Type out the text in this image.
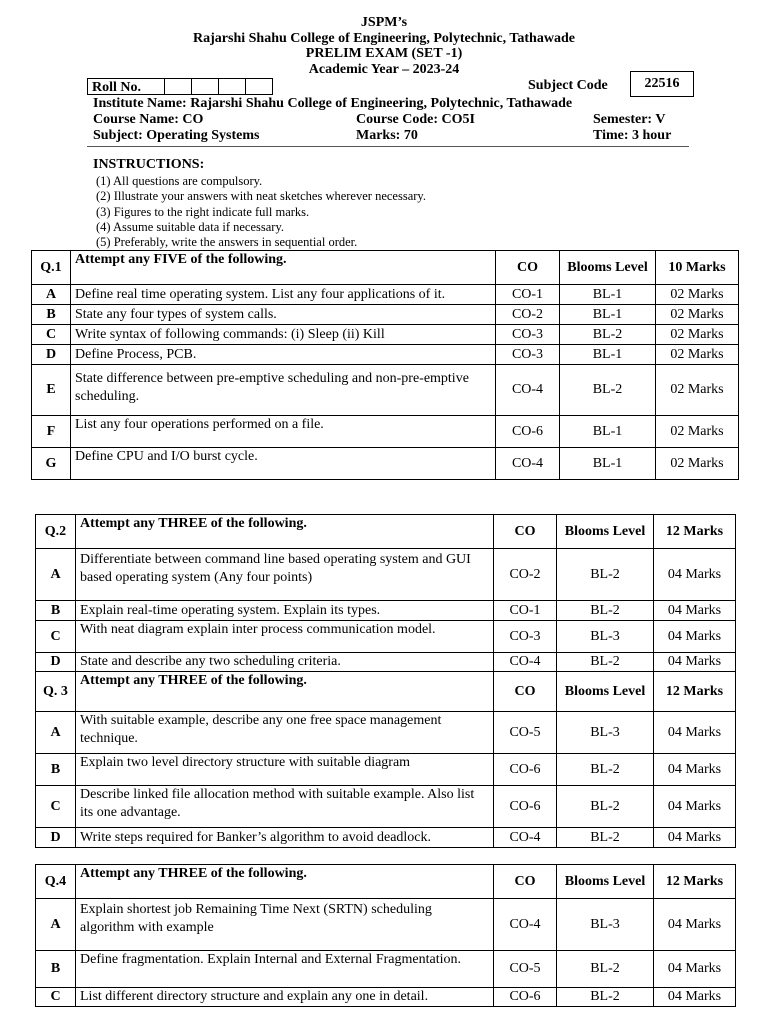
JSPM’s
Rajarshi Shahu College of Engineering, Polytechnic, Tathawade
PRELIM EXAM (SET -1)
Academic Year – 2023-24
Roll No.	Subject Code	22516
Institute Name: Rajarshi Shahu College of Engineering, Polytechnic, Tathawade
Course Name: CO	Course Code: CO5I	Semester: V
Subject: Operating Systems	Marks: 70	Time: 3 hour
INSTRUCTIONS:
(1) All questions are compulsory.
(2) Illustrate your answers with neat sketches wherever necessary.
(3) Figures to the right indicate full marks.
(4) Assume suitable data if necessary.
(5) Preferably, write the answers in sequential order.
Q.1	Attempt any FIVE of the following.	CO	Blooms Level	10 Marks
A	Define real time operating system. List any four applications of it.	CO-1	BL-1	02 Marks
B	State any four types of system calls.	CO-2	BL-1	02 Marks
C	Write syntax of following commands: (i) Sleep (ii) Kill	CO-3	BL-2	02 Marks
D	Define Process, PCB.	CO-3	BL-1	02 Marks
E	State difference between pre-emptive scheduling and non-pre-emptive scheduling.	CO-4	BL-2	02 Marks
F	List any four operations performed on a file.	CO-6	BL-1	02 Marks
G	Define CPU and I/O burst cycle.	CO-4	BL-1	02 Marks
Q.2	Attempt any THREE of the following.	CO	Blooms Level	12 Marks
A	Differentiate between command line based operating system and GUI based operating system (Any four points)	CO-2	BL-2	04 Marks
B	Explain real-time operating system. Explain its types.	CO-1	BL-2	04 Marks
C	With neat diagram explain inter process communication model.	CO-3	BL-3	04 Marks
D	State and describe any two scheduling criteria.	CO-4	BL-2	04 Marks
Q. 3	Attempt any THREE of the following.	CO	Blooms Level	12 Marks
A	With suitable example, describe any one free space management technique.	CO-5	BL-3	04 Marks
B	Explain two level directory structure with suitable diagram	CO-6	BL-2	04 Marks
C	Describe linked file allocation method with suitable example. Also list its one advantage.	CO-6	BL-2	04 Marks
D	Write steps required for Banker’s algorithm to avoid deadlock.	CO-4	BL-2	04 Marks
Q.4	Attempt any THREE of the following.	CO	Blooms Level	12 Marks
A	Explain shortest job Remaining Time Next (SRTN) scheduling algorithm with example	CO-4	BL-3	04 Marks
B	Define fragmentation. Explain Internal and External Fragmentation.	CO-5	BL-2	04 Marks
C	List different directory structure and explain any one in detail.	CO-6	BL-2	04 Marks
